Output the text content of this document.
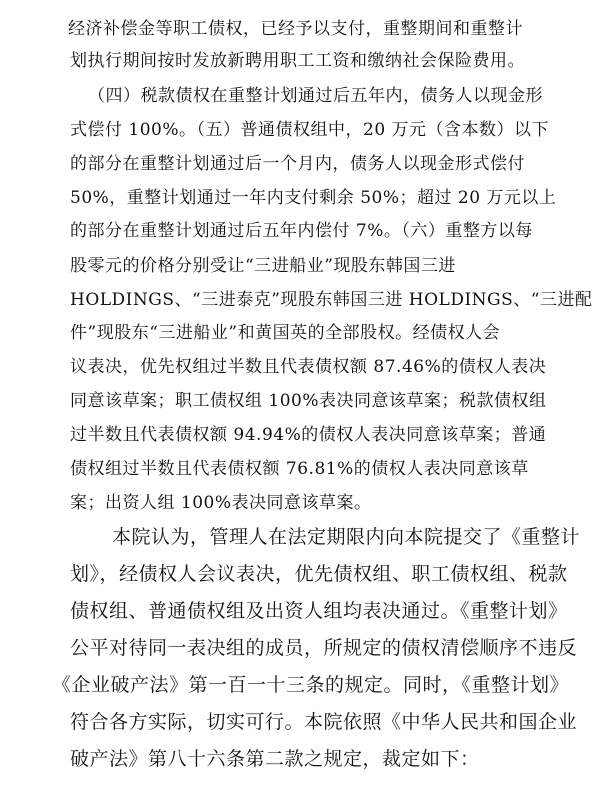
经济补偿金等职工债权，已经予以支付，重整期间和重整计
划执行期间按时发放新聘用职工工资和缴纳社会保险费用。
（四）税款债权在重整计划通过后五年内，债务人以现金形
式偿付 100%。（五）普通债权组中，20 万元（含本数）以下
的部分在重整计划通过后一个月内，债务人以现金形式偿付
50%，重整计划通过一年内支付剩余 50%；超过 20 万元以上
的部分在重整计划通过后五年内偿付 7%。（六）重整方以每
股零元的价格分别受让“三进船业”现股东韩国三进
HOLDINGS、“三进泰克”现股东韩国三进 HOLDINGS、“三进配
件”现股东“三进船业”和黄国英的全部股权。经债权人会
议表决，优先权组过半数且代表债权额 87.46%的债权人表决
同意该草案；职工债权组 100%表决同意该草案；税款债权组
过半数且代表债权额 94.94%的债权人表决同意该草案；普通
债权组过半数且代表债权额 76.81%的债权人表决同意该草
案；出资人组 100%表决同意该草案。
本院认为，管理人在法定期限内向本院提交了《重整计
划》，经债权人会议表决，优先债权组、职工债权组、税款
债权组、普通债权组及出资人组均表决通过。《重整计划》
公平对待同一表决组的成员，所规定的债权清偿顺序不违反
《企业破产法》第一百一十三条的规定。同时，《重整计划》
符合各方实际，切实可行。本院依照《中华人民共和国企业
破产法》第八十六条第二款之规定，裁定如下：
